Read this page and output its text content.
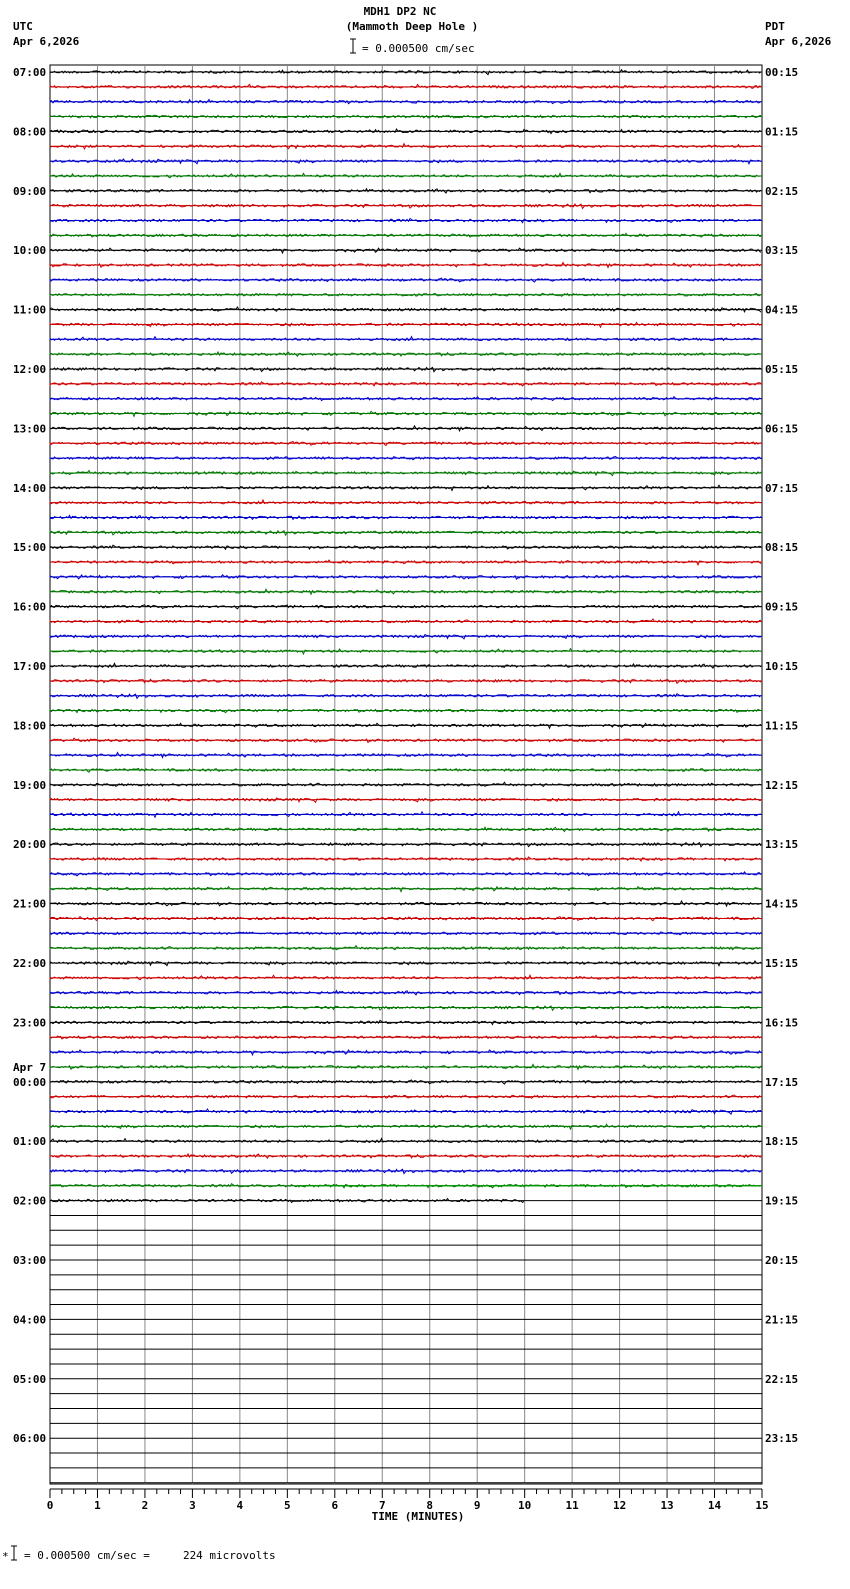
MDH1 DP2 NC
(Mammoth Deep Hole )
= 0.000500 cm/sec
UTC
Apr 6,2026
PDT
Apr 6,2026
07:00
08:00
09:00
10:00
11:00
12:00
13:00
14:00
15:00
16:00
17:00
18:00
19:00
20:00
21:00
22:00
23:00
00:00
Apr 7
01:00
02:00
03:00
04:00
05:00
06:00
00:15
01:15
02:15
03:15
04:15
05:15
06:15
07:15
08:15
09:15
10:15
11:15
12:15
13:15
14:15
15:15
16:15
17:15
18:15
19:15
20:15
21:15
22:15
23:15
0	1	2	3	4	5	6	7	8	9	10	11	12	13	14	15
TIME (MINUTES)
* = 0.000500 cm/sec =     224 microvolts
